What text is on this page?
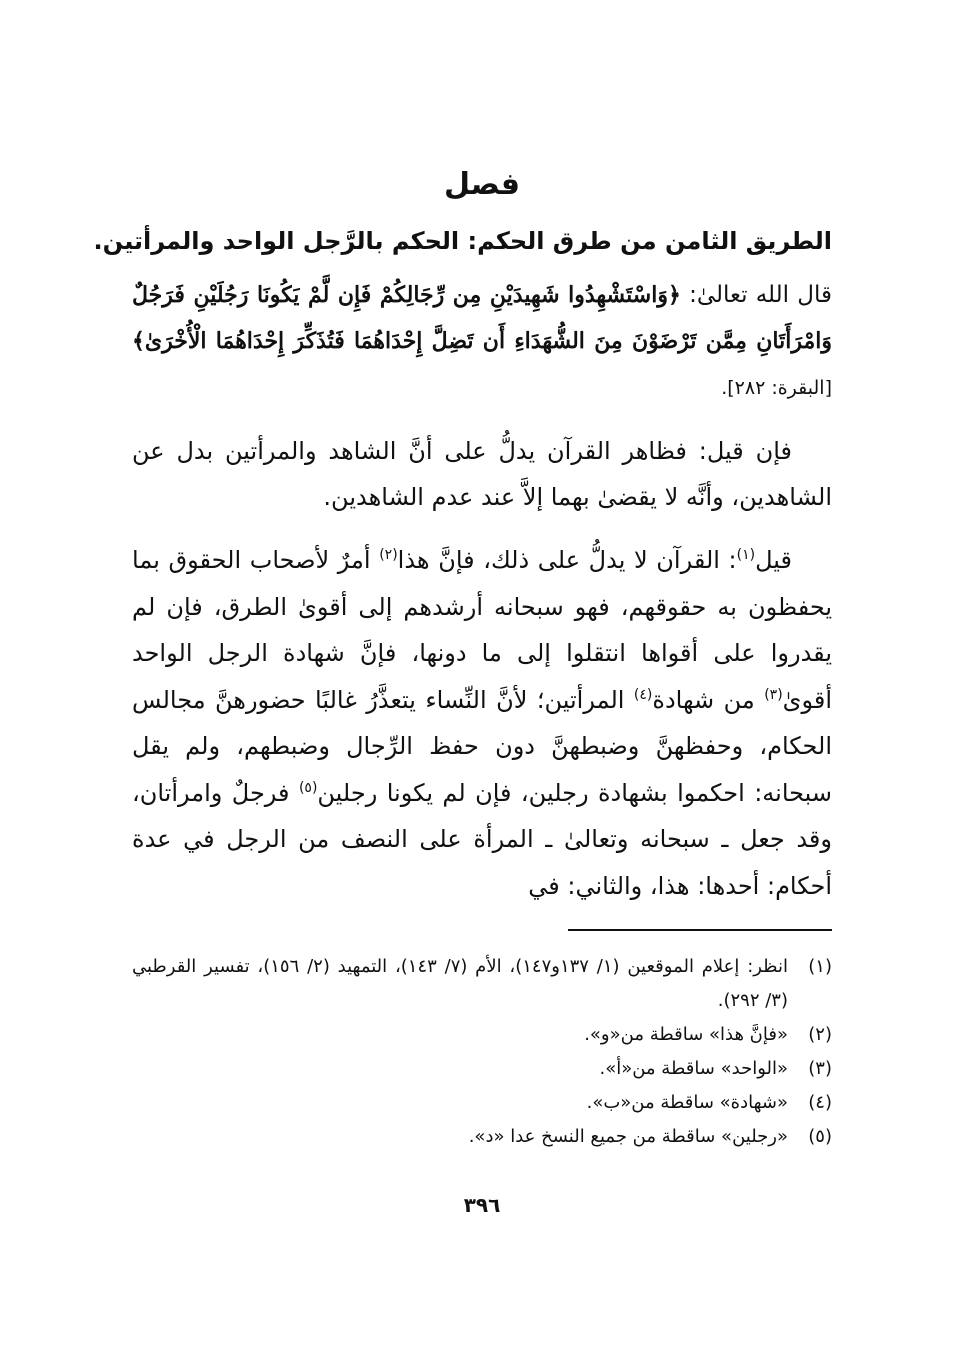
فصل
الطريق الثامن من طرق الحكم: الحكم بالرَّجل الواحد والمرأتين.
قال الله تعالىٰ: ﴿وَاسْتَشْهِدُوا شَهِيدَيْنِ مِن رِّجَالِكُمْ فَإِن لَّمْ يَكُونَا رَجُلَيْنِ فَرَجُلٌ وَامْرَأَتَانِ مِمَّن تَرْضَوْنَ مِنَ الشُّهَدَاءِ أَن تَضِلَّ إِحْدَاهُمَا فَتُذَكِّرَ إِحْدَاهُمَا الْأُخْرَىٰ﴾[البقرة: ٢٨٢].
فإن قيل: فظاهر القرآن يدلُّ على أنَّ الشاهد والمرأتين بدل عن الشاهدين، وأنَّه لا يقضىٰ بهما إلاَّ عند عدم الشاهدين.
قيل$^{(١)}$: القرآن لا يدلُّ على ذلك، فإنَّ هذا$^{(٢)}$ أمرٌ لأصحاب الحقوق بما يحفظون به حقوقهم، فهو سبحانه أرشدهم إلى أقوىٰ الطرق، فإن لم يقدروا على أقواها انتقلوا إلى ما دونها، فإنَّ شهادة الرجل الواحد أقوىٰ$^{(٣)}$ من شهادة$^{(٤)}$ المرأتين؛ لأنَّ النِّساء يتعذَّرُ غالبًا حضورهنَّ مجالس الحكام، وحفظهنَّ وضبطهنَّ دون حفظ الرِّجال وضبطهم، ولم يقل سبحانه: احكموا بشهادة رجلين، فإن لم يكونا رجلين$^{(٥)}$ فرجلٌ وامرأتان، وقد جعل ـ سبحانه وتعالىٰ ـ المرأة على النصف من الرجل في عدة أحكام: أحدها: هذا، والثاني: في
(١)
انظر: إعلام الموقعين (١/ ١٣٧و١٤٧)، الأم (٧/ ١٤٣)، التمهيد (٢/ ١٥٦)، تفسير القرطبي (٣/ ٢٩٢).
(٢)
«فإنَّ هذا» ساقطة من«و».
(٣)
«الواحد» ساقطة من«أ».
(٤)
«شهادة» ساقطة من«ب».
(٥)
«رجلين» ساقطة من جميع النسخ عدا «د».
٣٩٦
